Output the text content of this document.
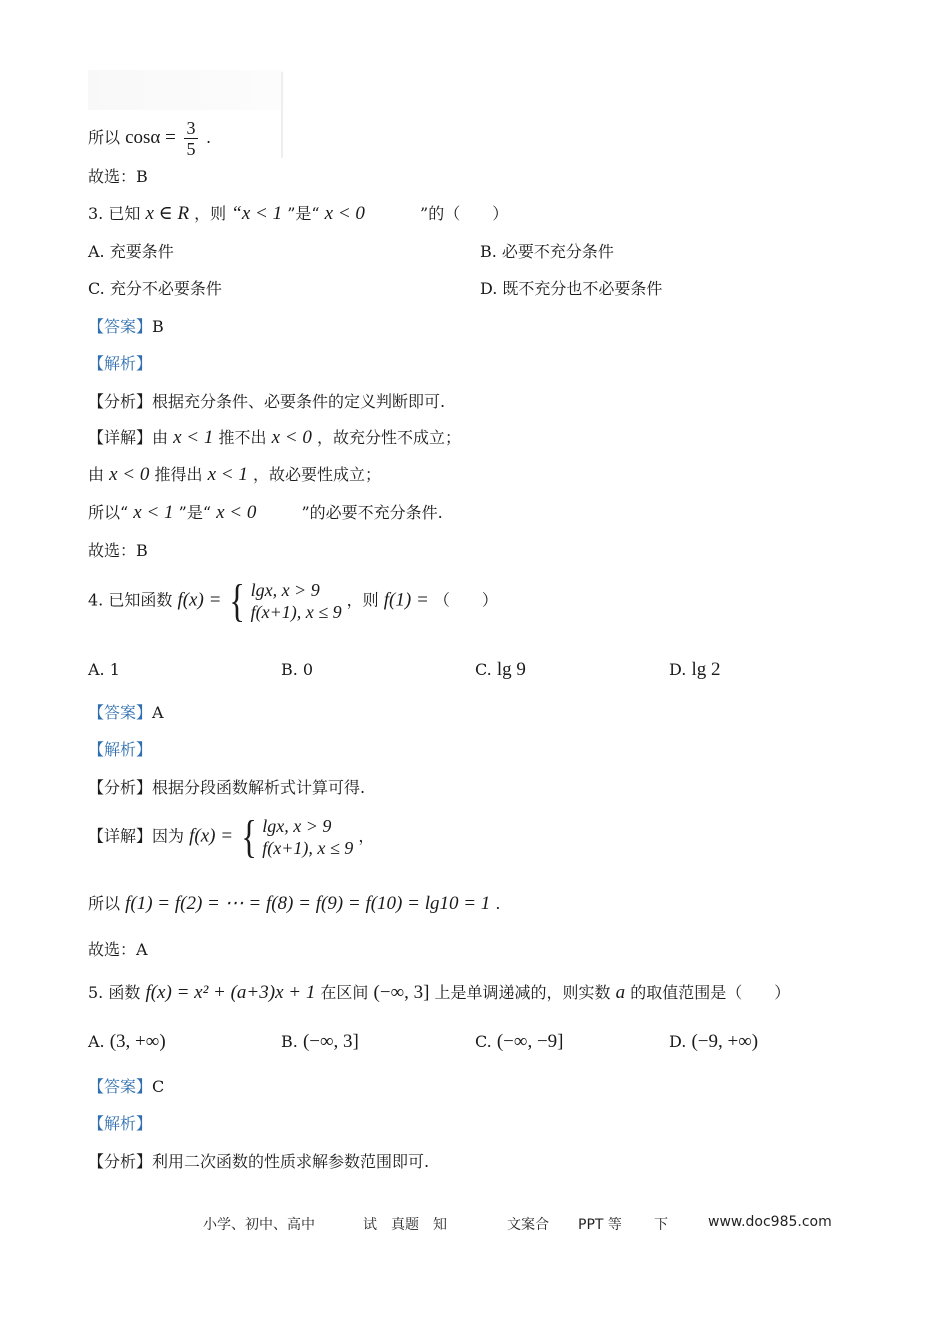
所以 $\cos\alpha = \frac{3}{5}$ .
故选：B
3. 已知 x ∈ R ，则 “x < 1 ”是“ x < 0	”的（　　）
A. 充要条件	B. 必要不充分条件
C. 充分不必要条件	D. 既不充分也不必要条件
【答案】B
【解析】
【分析】根据充分条件、必要条件的定义判断即可.
【详解】由 x < 1 推不出 x < 0 ，故充分性不成立；
由 x < 0 推得出 x < 1 ，故必要性成立；
所以“ x < 1 ”是“ x < 0	”的必要不充分条件.
故选：B
4. 已知函数 f(x) = { lgx, x > 9
f(x+1), x ≤ 9
，则 f(1) = （　　）
A. 1	B. 0	C. lg 9	D. lg 2
【答案】A
【解析】
【分析】根据分段函数解析式计算可得.
【详解】因为 f(x) = { lgx, x > 9
f(x+1), x ≤ 9
，
所以 f(1) = f(2) = ⋯ = f(8) = f(9) = f(10) = lg10 = 1 .
故选：A
5. 函数 f(x) = x² + (a+3)x + 1 在区间 (−∞, 3] 上是单调递减的，则实数 a 的取值范围是（　　）
A. (3, +∞)	B. (−∞, 3]	C. (−∞, −9]	D. (−9, +∞)
【答案】C
【解析】
【分析】利用二次函数的性质求解参数范围即可.
小学、初中、高中	试　真题　知	文案合 PPT 等 下	www.doc985.com
